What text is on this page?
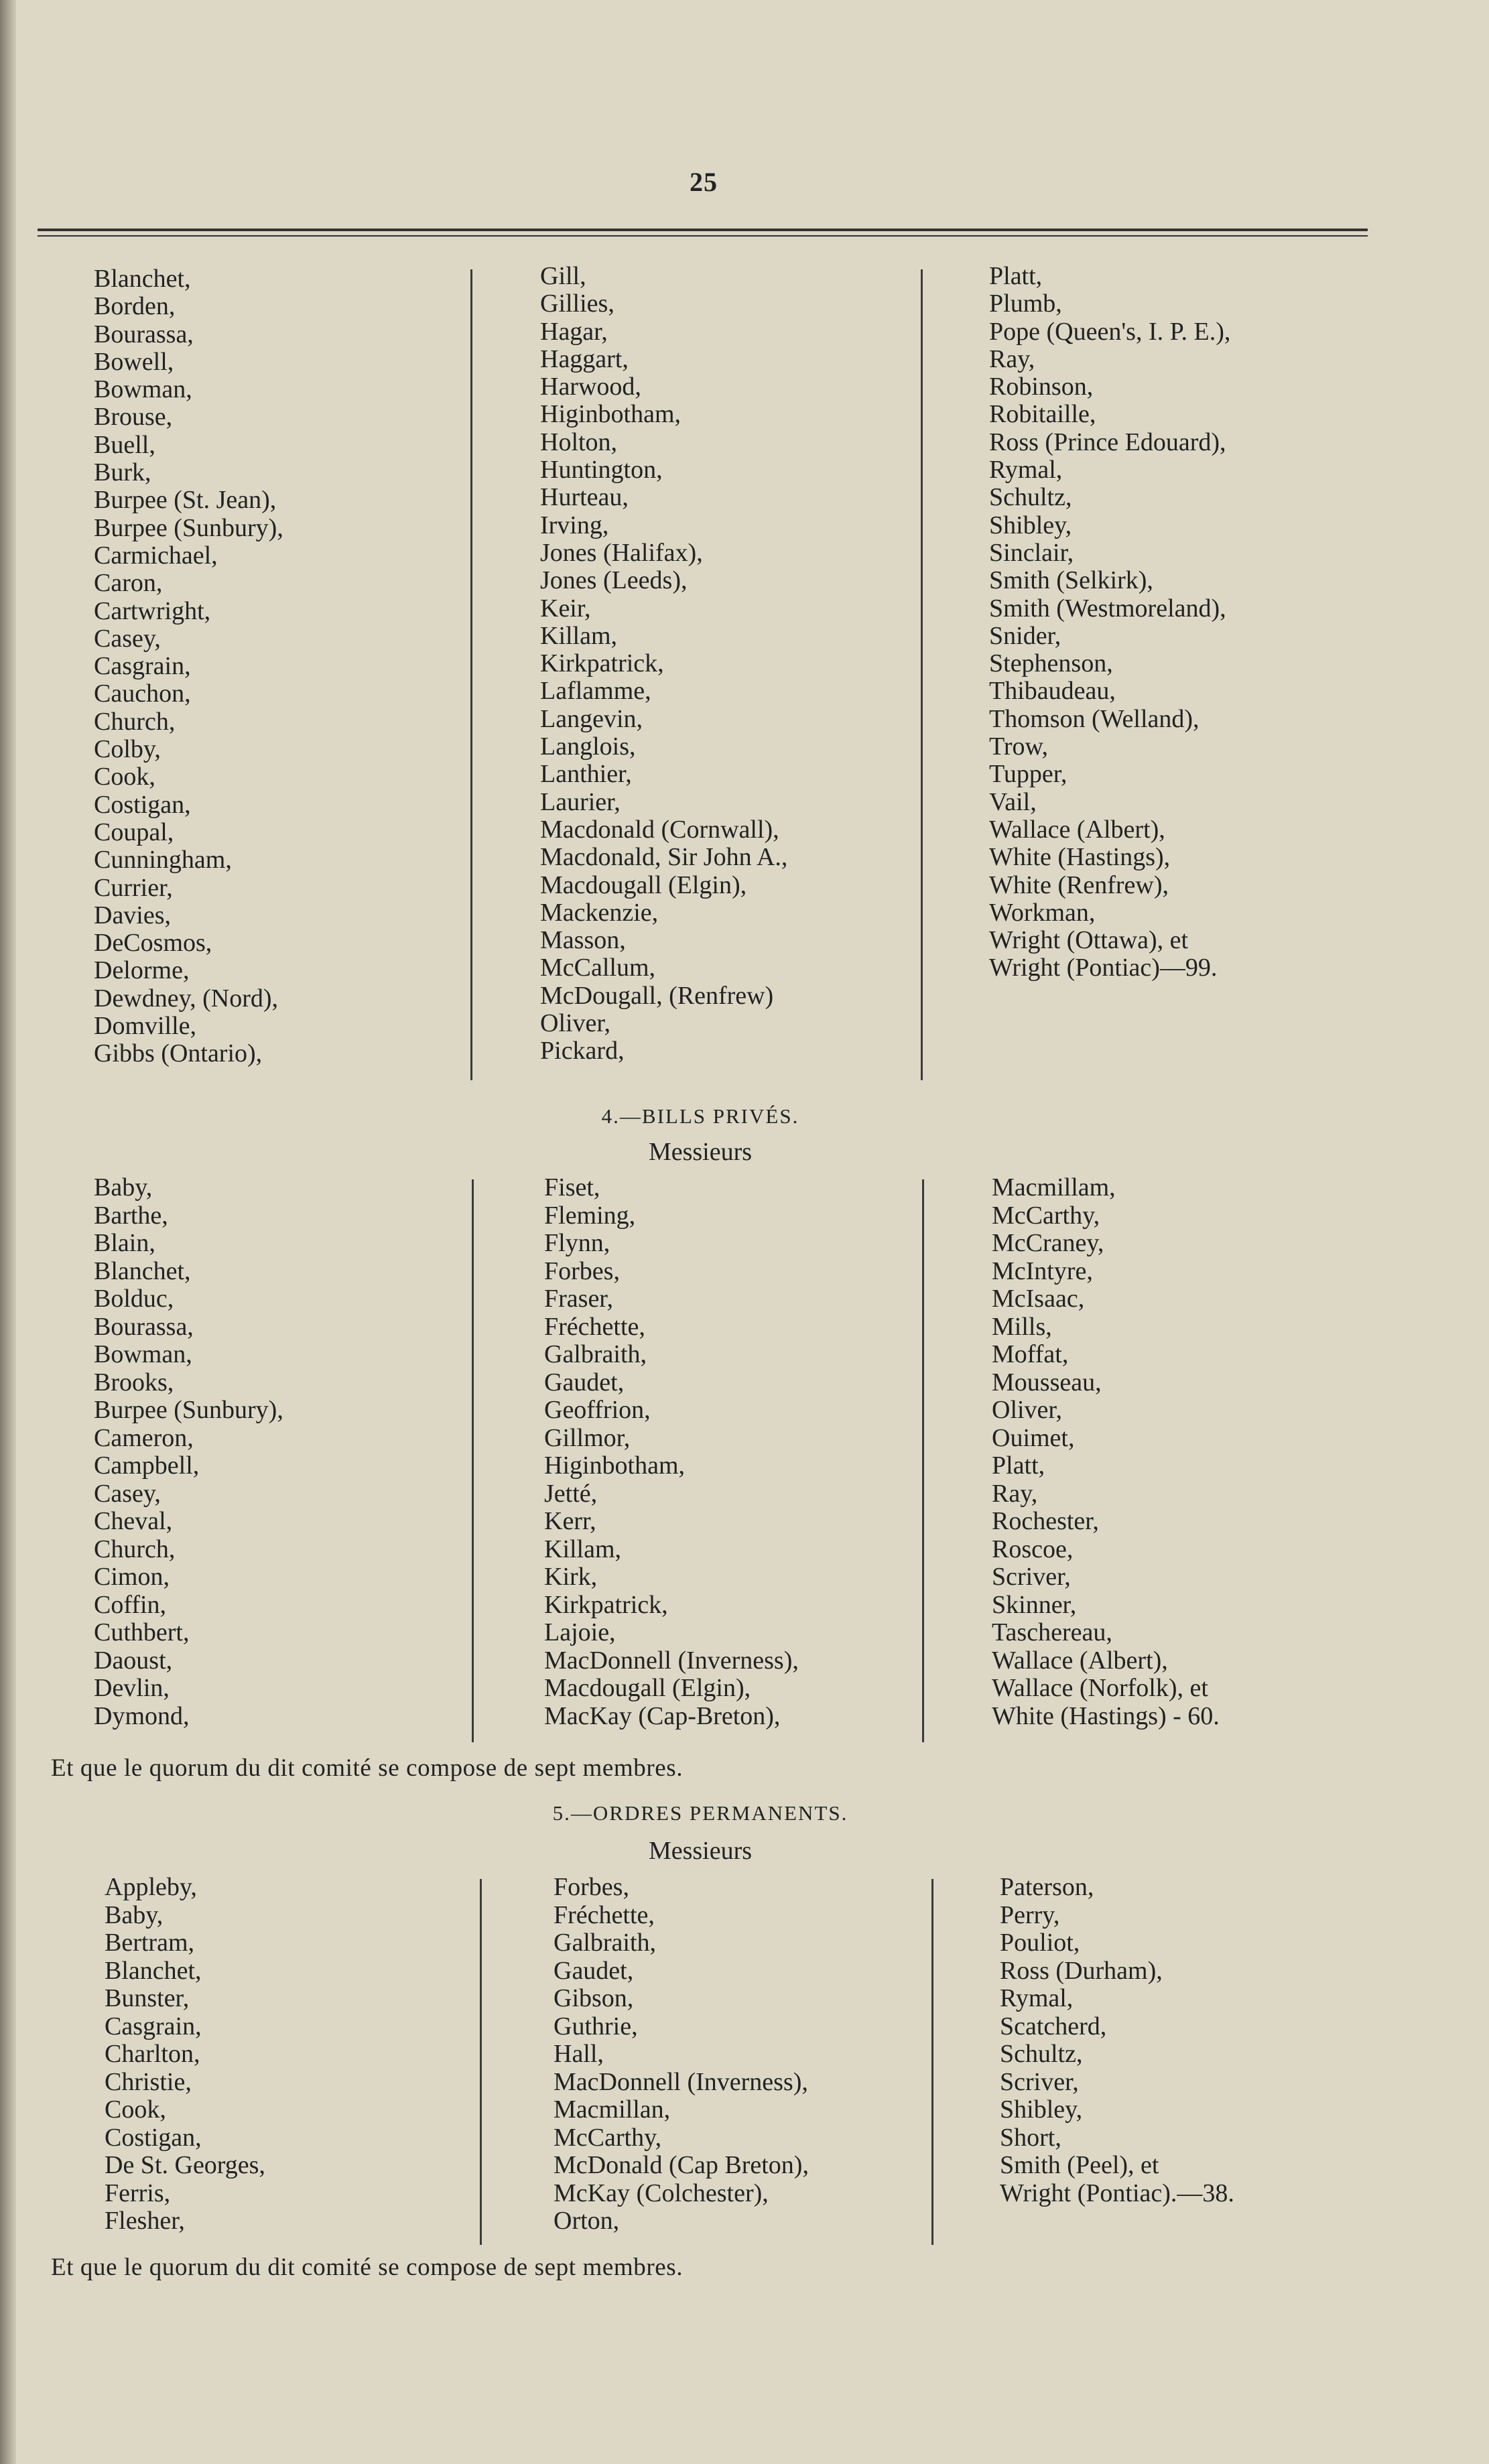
25
Blanchet,
Borden,
Bourassa,
Bowell,
Bowman,
Brouse,
Buell,
Burk,
Burpee (St. Jean),
Burpee (Sunbury),
Carmichael,
Caron,
Cartwright,
Casey,
Casgrain,
Cauchon,
Church,
Colby,
Cook,
Costigan,
Coupal,
Cunningham,
Currier,
Davies,
DeCosmos,
Delorme,
Dewdney, (Nord),
Domville,
Gibbs (Ontario),
Gill,
Gillies,
Hagar,
Haggart,
Harwood,
Higinbotham,
Holton,
Huntington,
Hurteau,
Irving,
Jones (Halifax),
Jones (Leeds),
Keir,
Killam,
Kirkpatrick,
Laflamme,
Langevin,
Langlois,
Lanthier,
Laurier,
Macdonald (Cornwall),
Macdonald, Sir John A.,
Macdougall (Elgin),
Mackenzie,
Masson,
McCallum,
McDougall, (Renfrew)
Oliver,
Pickard,
Platt,
Plumb,
Pope (Queen's, I. P. E.),
Ray,
Robinson,
Robitaille,
Ross (Prince Edouard),
Rymal,
Schultz,
Shibley,
Sinclair,
Smith (Selkirk),
Smith (Westmoreland),
Snider,
Stephenson,
Thibaudeau,
Thomson (Welland),
Trow,
Tupper,
Vail,
Wallace (Albert),
White (Hastings),
White (Renfrew),
Workman,
Wright (Ottawa), et
Wright (Pontiac)—99.
4.—BILLS PRIVÉS.
Messieurs
Baby,
Barthe,
Blain,
Blanchet,
Bolduc,
Bourassa,
Bowman,
Brooks,
Burpee (Sunbury),
Cameron,
Campbell,
Casey,
Cheval,
Church,
Cimon,
Coffin,
Cuthbert,
Daoust,
Devlin,
Dymond,
Fiset,
Fleming,
Flynn,
Forbes,
Fraser,
Fréchette,
Galbraith,
Gaudet,
Geoffrion,
Gillmor,
Higinbotham,
Jetté,
Kerr,
Killam,
Kirk,
Kirkpatrick,
Lajoie,
MacDonnell (Inverness),
Macdougall (Elgin),
MacKay (Cap-Breton),
Macmillam,
McCarthy,
McCraney,
McIntyre,
McIsaac,
Mills,
Moffat,
Mousseau,
Oliver,
Ouimet,
Platt,
Ray,
Rochester,
Roscoe,
Scriver,
Skinner,
Taschereau,
Wallace (Albert),
Wallace (Norfolk), et
White (Hastings) - 60.
Et que le quorum du dit comité se compose de sept membres.
5.—ORDRES PERMANENTS.
Messieurs
Appleby,
Baby,
Bertram,
Blanchet,
Bunster,
Casgrain,
Charlton,
Christie,
Cook,
Costigan,
De St. Georges,
Ferris,
Flesher,
Forbes,
Fréchette,
Galbraith,
Gaudet,
Gibson,
Guthrie,
Hall,
MacDonnell (Inverness),
Macmillan,
McCarthy,
McDonald (Cap Breton),
McKay (Colchester),
Orton,
Paterson,
Perry,
Pouliot,
Ross (Durham),
Rymal,
Scatcherd,
Schultz,
Scriver,
Shibley,
Short,
Smith (Peel), et
Wright (Pontiac).—38.
Et que le quorum du dit comité se compose de sept membres.
